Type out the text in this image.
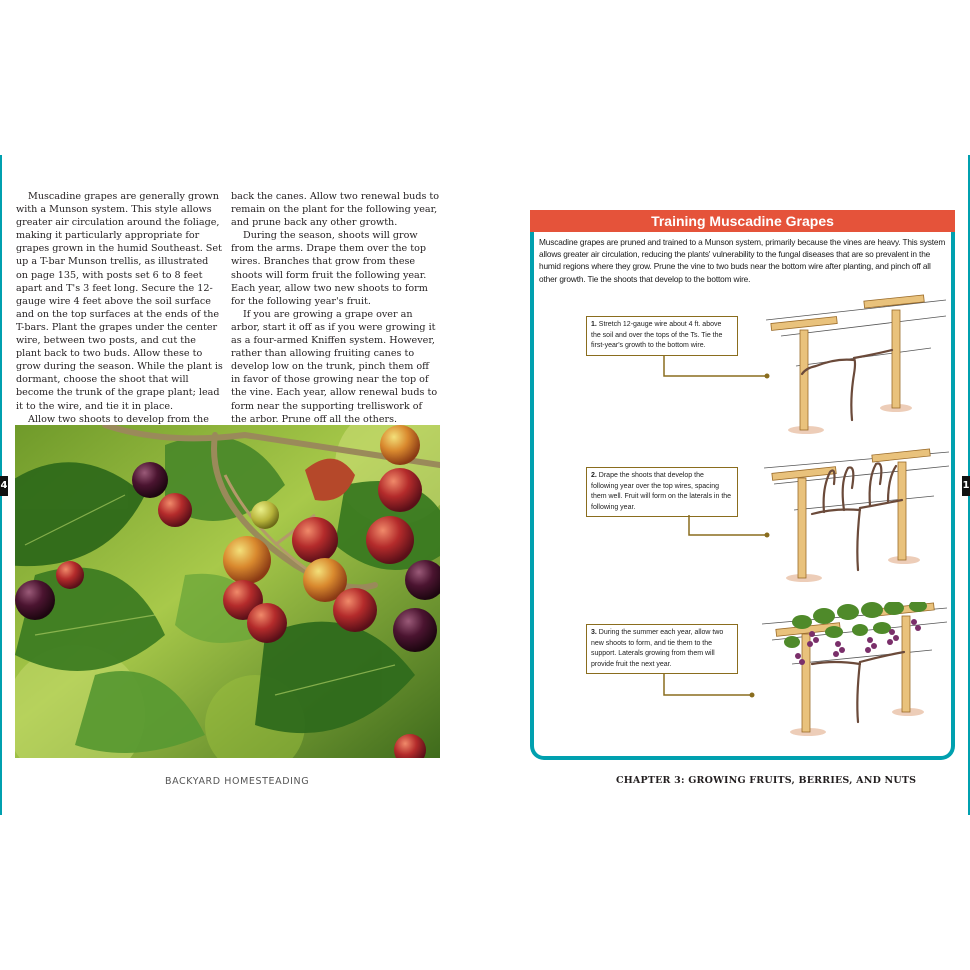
4	1

Muscadine grapes are generally grown with a Munson system. This style allows greater air circulation around the foliage, making it particularly appropriate for grapes grown in the humid Southeast. Set up a T-bar Munson trellis, as illustrated on page 135, with posts set 6 to 8 feet apart and T's 3 feet long. Secure the 12-gauge wire 4 feet above the soil surface and on the top surfaces at the ends of the T-bars. Plant the grapes under the center wire, between two posts, and cut the plant back to two buds. Allow these to grow during the season. While the plant is dormant, choose the shoot that will become the trunk of the grape plant; lead it to the wire, and tie it in place.

Allow two shoots to develop from the

back the canes. Allow two renewal buds to remain on the plant for the following year, and prune back any other growth.

During the season, shoots will grow from the arms. Drape them over the top wires. Branches that grow from these shoots will form fruit the following year. Each year, allow two new shoots to form for the following year's fruit.

If you are growing a grape over an arbor, start it off as if you were growing it as a four-armed Kniffen system. However, rather than allowing fruiting canes to develop low on the trunk, pinch them off in favor of those growing near the top of the vine. Each year, allow renewal buds to form near the supporting trelliswork of the arbor. Prune off all the others.

BACKYARD HOMESTEADING
Training Muscadine Grapes
Muscadine grapes are pruned and trained to a Munson system, primarily because the vines are heavy. This system allows greater air circulation, reducing the plants' vulnerability to the fungal diseases that are so prevalent in the humid regions where they grow. Prune the vine to two buds near the bottom wire after planting, and pinch off all other growth. Tie the shoots that develop to the bottom wire.
1. Stretch 12-gauge wire about 4 ft. above the soil and over the tops of the Ts. Tie the first-year's growth to the bottom wire.
2. Drape the shoots that develop the following year over the top wires, spacing them well. Fruit will form on the laterals in the following year.
3. During the summer each year, allow two new shoots to form, and tie them to the support. Laterals growing from them will provide fruit the next year.
CHAPTER 3: GROWING FRUITS, BERRIES, AND NUTS
